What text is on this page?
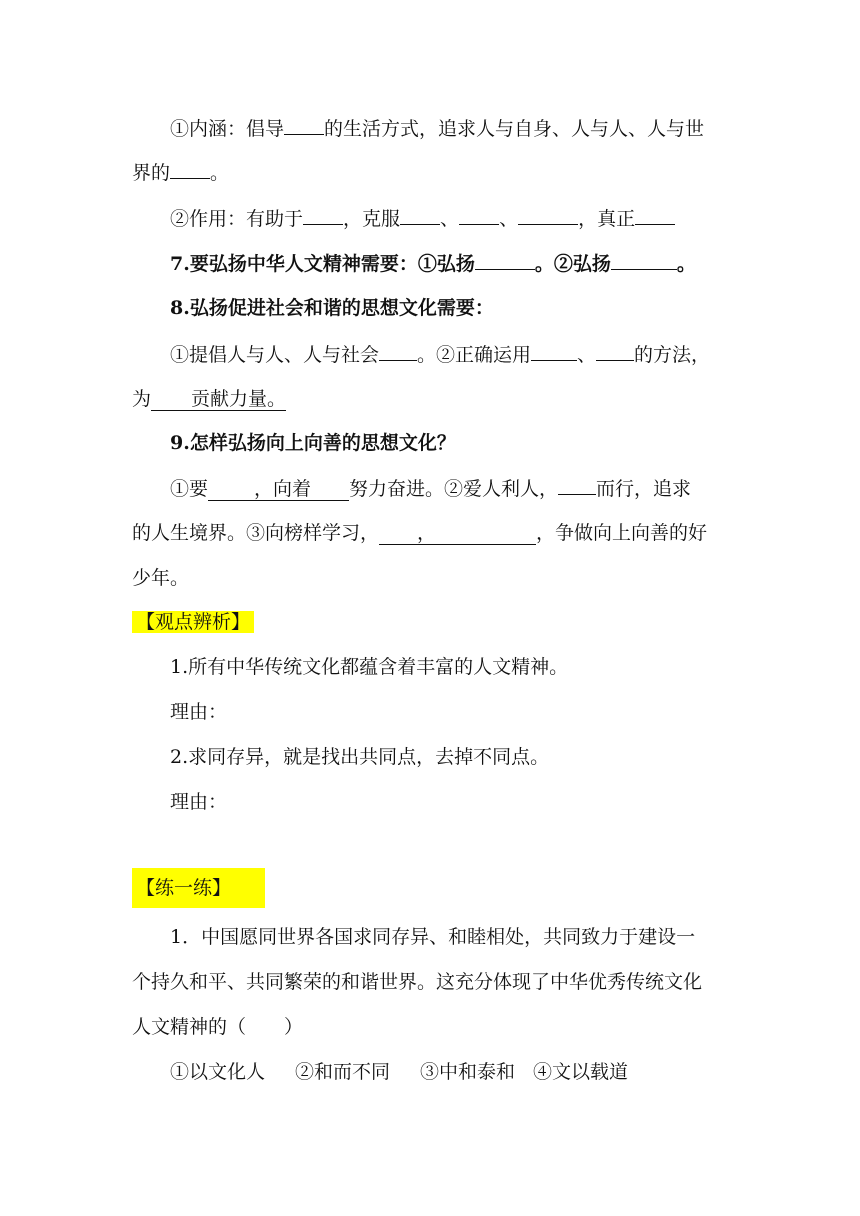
①内涵：倡导 的生活方式，追求人与自身、人与人、人与世
界的 。
②作用：有助于 ，克服 、 、	，真正
7.要弘扬中华人文精神需要：①弘扬	。②弘扬	。
8.弘扬促进社会和谐的思想文化需要：
①提倡人与人、人与社会 。②正确运用 、 的方法，
为 贡献力量。
9.怎样弘扬向上向善的思想文化？
①要 ，向着 努力奋进。②爱人利人， 而行，追求
的人生境界。③向榜样学习， ，	，争做向上向善的好
少年。
【观点辨析】
1.所有中华传统文化都蕴含着丰富的人文精神。
理由：
2.求同存异，就是找出共同点，去掉不同点。
理由：
【练一练】
1．中国愿同世界各国求同存异、和睦相处，共同致力于建设一
个持久和平、共同繁荣的和谐世界。这充分体现了中华优秀传统文化
人文精神的（　　）
①以文化人 ②和而不同 ③中和泰和 ④文以载道
